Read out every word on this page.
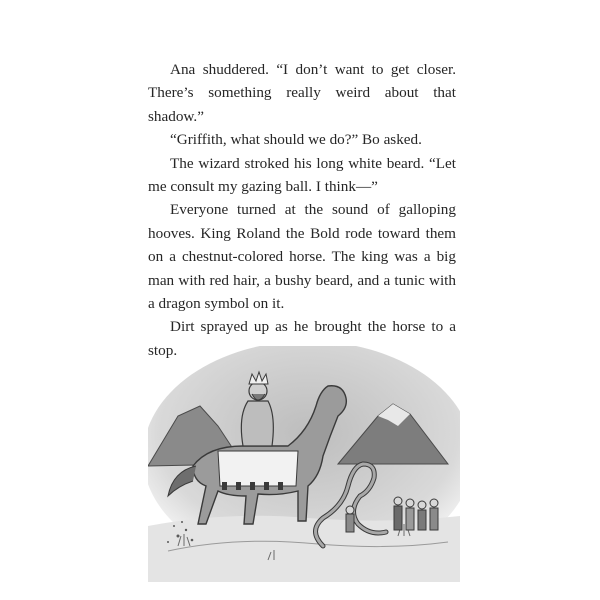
Ana shuddered. “I don’t want to get closer. There’s something really weird about that shadow.”

“Griffith, what should we do?” Bo asked.

The wizard stroked his long white beard. “Let me consult my gazing ball. I think—”

Everyone turned at the sound of galloping hooves. King Roland the Bold rode toward them on a chestnut-colored horse. The king was a big man with red hair, a bushy beard, and a tunic with a dragon symbol on it.

Dirt sprayed up as he brought the horse to a stop.
